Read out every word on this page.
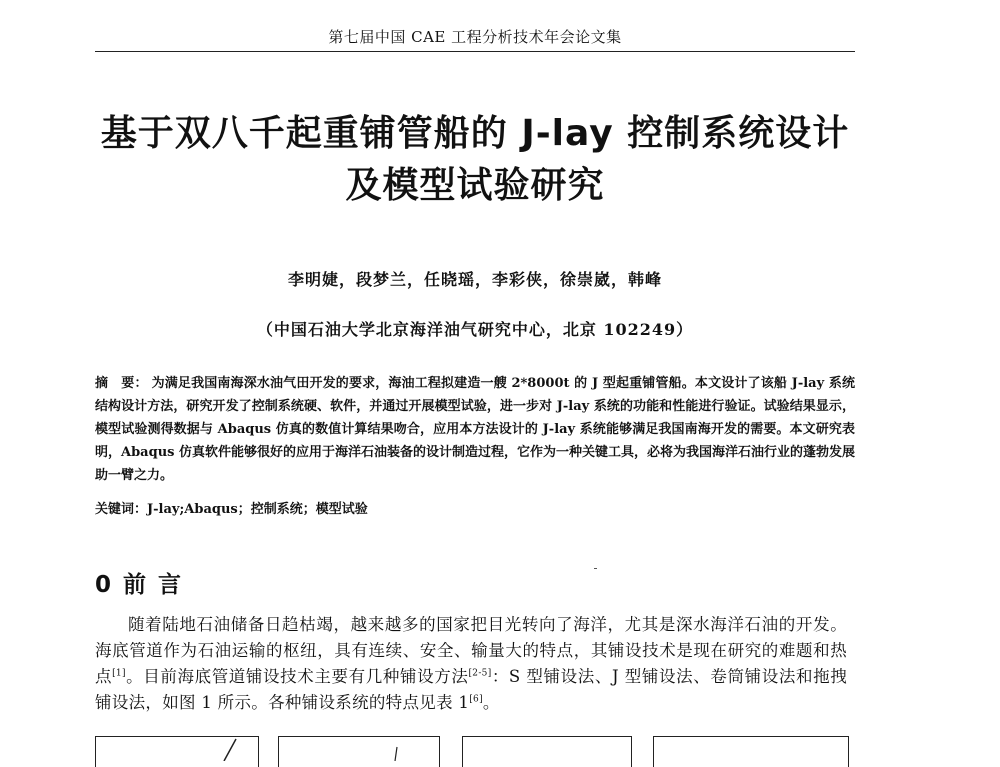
第七届中国 CAE 工程分析技术年会论文集
基于双八千起重铺管船的 J-lay 控制系统设计及模型试验研究
李明婕，段梦兰，任晓瑶，李彩侠，徐崇崴，韩峰
（中国石油大学北京海洋油气研究中心，北京 102249）
摘　要： 为满足我国南海深水油气田开发的要求，海油工程拟建造一艘 2*8000t 的 J 型起重铺管船。本文设计了该船 J-lay 系统结构设计方法，研究开发了控制系统硬、软件，并通过开展模型试验，进一步对 J-lay 系统的功能和性能进行验证。试验结果显示，模型试验测得数据与 Abaqus 仿真的数值计算结果吻合，应用本方法设计的 J-lay 系统能够满足我国南海开发的需要。本文研究表明，Abaqus 仿真软件能够很好的应用于海洋石油装备的设计制造过程，它作为一种关键工具，必将为我国海洋石油行业的蓬勃发展助一臂之力。
关键词：J-lay;Abaqus；控制系统；模型试验
0 前 言
随着陆地石油储备日趋枯竭，越来越多的国家把目光转向了海洋，尤其是深水海洋石油的开发。海底管道作为石油运输的枢纽，具有连续、安全、输量大的特点，其铺设技术是现在研究的难题和热点[1]。目前海底管道铺设技术主要有几种铺设方法[2-5]：S 型铺设法、J 型铺设法、卷筒铺设法和拖拽铺设法，如图 1 所示。各种铺设系统的特点见表 1[6]。
